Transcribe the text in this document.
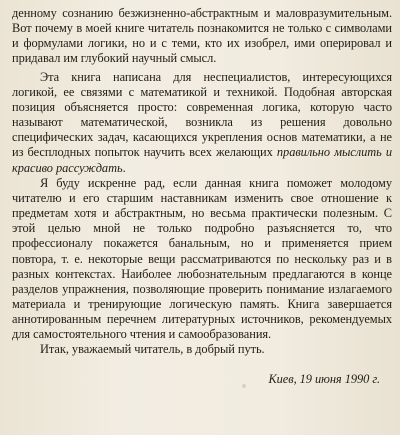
денному сознанию безжизненно-абстрактным и маловразумительным. Вот почему в моей книге читатель познакомится не только с символами и формулами логики, но и с теми, кто их изобрел, ими оперировал и придавал им глубокий научный смысл.

Эта книга написана для неспециалистов, интересующихся логикой, ее связями с математикой и техникой. Подобная авторская позиция объясняется просто: современная логика, которую часто называют математической, возникла из решения довольно специфических задач, касающихся укрепления основ математики, а не из бесплодных попыток научить всех желающих правильно мыслить и красиво рассуждать.

Я буду искренне рад, если данная книга поможет молодому читателю и его старшим наставникам изменить свое отношение к предметам хотя и абстрактным, но весьма практически полезным. С этой целью мной не только подробно разъясняется то, что профессионалу покажется банальным, но и применяется прием повтора, т. е. некоторые вещи рассматриваются по нескольку раз и в разных контекстах. Наиболее любознательным предлагаются в конце разделов упражнения, позволяющие проверить понимание излагаемого материала и тренирующие логическую память. Книга завершается аннотированным перечнем литературных источников, рекомендуемых для самостоятельного чтения и самообразования.

Итак, уважаемый читатель, в добрый путь.

Киев, 19 июня 1990 г.
